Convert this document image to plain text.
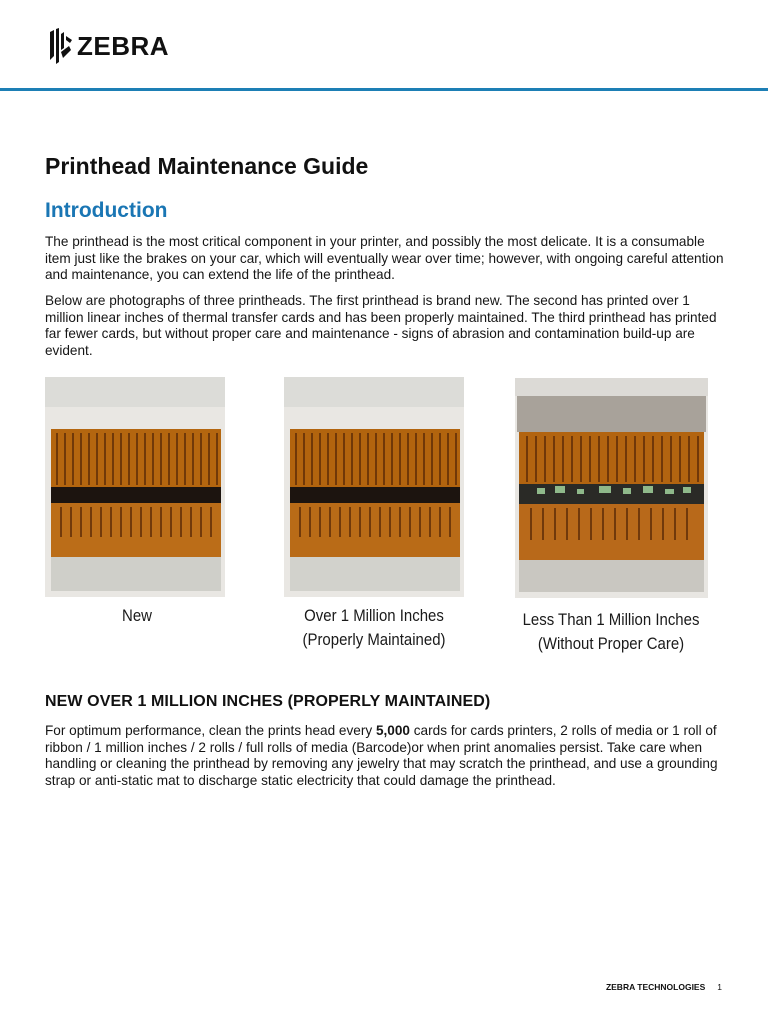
ZEBRA
Printhead Maintenance Guide
Introduction

The printhead is the most critical component in your printer, and possibly the most delicate. It is a consumable item just like the brakes on your car, which will eventually wear over time; however, with ongoing careful attention and maintenance, you can extend the life of the printhead.

Below are photographs of three printheads. The first printhead is brand new. The second has printed over 1 million linear inches of thermal transfer cards and has been properly maintained. The third printhead has printed far fewer cards, but without proper care and maintenance - signs of abrasion and contamination build-up are evident.

New	Over 1 Million Inches
(Properly Maintained)
Less Than 1 Million Inches
(Without Proper Care)
NEW OVER 1 MILLION INCHES (PROPERLY MAINTAINED)

For optimum performance, clean the prints head every 5,000 cards for cards printers, 2 rolls of media or 1 roll of ribbon / 1 million inches / 2 rolls / full rolls of media (Barcode)or when print anomalies persist. Take care when handling or cleaning the printhead by removing any jewelry that may scratch the printhead, and use a grounding strap or anti-static mat to discharge static electricity that could damage the printhead.

ZEBRA TECHNOLOGIES 1
